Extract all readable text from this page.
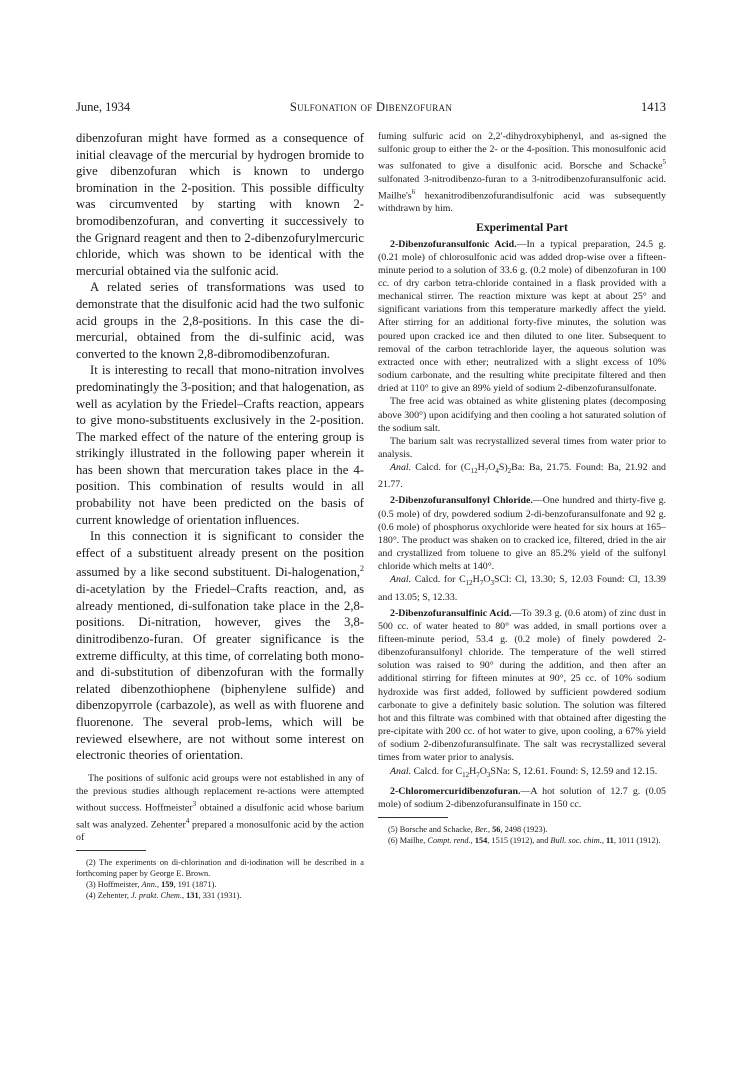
June, 1934	Sulfonation of Dibenzofuran	1413

dibenzofuran might have formed as a consequence of initial cleavage of the mercurial by hydrogen bromide to give dibenzofuran which is known to undergo bromination in the 2-position. This possible difficulty was circumvented by starting with known 2-bromodibenzofuran, and converting it successively to the Grignard reagent and then to 2-dibenzofurylmercuric chloride, which was shown to be identical with the mercurial obtained via the sulfonic acid.

A related series of transformations was used to demonstrate that the disulfonic acid had the two sulfonic acid groups in the 2,8-positions. In this case the di-mercurial, obtained from the di-sulfinic acid, was converted to the known 2,8-dibromodibenzofuran.

It is interesting to recall that mono-nitration involves predominatingly the 3-position; and that halogenation, as well as acylation by the Friedel–Crafts reaction, appears to give mono-substituents exclusively in the 2-position. The marked effect of the nature of the entering group is strikingly illustrated in the following paper wherein it has been shown that mercuration takes place in the 4-position. This combination of results would in all probability not have been predicted on the basis of current knowledge of orientation influences.

In this connection it is significant to consider the effect of a substituent already present on the position assumed by a like second substituent. Di-halogenation,$^2$ di-acetylation by the Friedel–Crafts reaction, and, as already mentioned, di-sulfonation take place in the 2,8-positions. Di-nitration, however, gives the 3,8-dinitrodibenzo-furan. Of greater significance is the extreme difficulty, at this time, of correlating both mono- and di-substitution of dibenzofuran with the formally related dibenzothiophene (biphenylene sulfide) and dibenzopyrrole (carbazole), as well as with fluorene and fluorenone. The several prob-lems, which will be reviewed elsewhere, are not without some interest on electronic theories of orientation.

The positions of sulfonic acid groups were not established in any of the previous studies although replacement re-actions were attempted without success. Hoffmeister$^3$ obtained a disulfonic acid whose barium salt was analyzed. Zehenter$^4$ prepared a monosulfonic acid by the action of

(2) The experiments on di-chlorination and di-iodination will be described in a forthcoming paper by George E. Brown.

(3) Hoffmeister, Ann., 159, 191 (1871).

(4) Zehenter, J. prakt. Chem., 131, 331 (1931).

fuming sulfuric acid on 2,2′-dihydroxybiphenyl, and as-signed the sulfonic group to either the 2- or the 4-position. This monosulfonic acid was sulfonated to give a disulfonic acid. Borsche and Schacke$^5$ sulfonated 3-nitrodibenzo-furan to a 3-nitrodibenzofuransulfonic acid. $Mailhe's^6$ hexanitrodibenzofurandisulfonic acid was subsequently withdrawn by him.

Experimental Part

2-Dibenzofuransulfonic Acid.—In a typical preparation, 24.5 g. (0.21 mole) of chlorosulfonic acid was added drop-wise over a fifteen-minute period to a solution of 33.6 g. (0.2 mole) of dibenzofuran in 100 cc. of dry carbon tetra-chloride contained in a flask provided with a mechanical stirrer. The reaction mixture was kept at about 25° and significant variations from this temperature markedly affect the yield. After stirring for an additional forty-five minutes, the solution was poured upon cracked ice and then diluted to one liter. Subsequent to removal of the carbon tetrachloride layer, the aqueous solution was extracted once with ether; neutralized with a slight excess of 10% sodium carbonate, and the resulting white precipitate filtered and then dried at 110° to give an 89% yield of sodium 2-dibenzofuransulfonate.

The free acid was obtained as white glistening plates (decomposing above 300°) upon acidifying and then cooling a hot saturated solution of the sodium salt.

The barium salt was recrystallized several times from water prior to analysis.

Anal. Calcd. for $(C_{12}H_7O_4S)_2Ba$: Ba, 21.75. Found: Ba, 21.92 and 21.77.

2-Dibenzofuransulfonyl Chloride.—One hundred and thirty-five g. (0.5 mole) of dry, powdered sodium 2-di-benzofuransulfonate and 92 g. (0.6 mole) of phosphorus oxychloride were heated for six hours at 165–180°. The product was shaken on to cracked ice, filtered, dried in the air and crystallized from toluene to give an 85.2% yield of the sulfonyl chloride which melts at 140°.

Anal. Calcd. for $C_{12}H_7O_3SCl$: Cl, 13.30; S, 12.03 Found: Cl, 13.39 and 13.05; S, 12.33.

2-Dibenzofuransulfinic Acid.—To 39.3 g. (0.6 atom) of zinc dust in 500 cc. of water heated to 80° was added, in small portions over a fifteen-minute period, 53.4 g. (0.2 mole) of finely powdered 2-dibenzofuransulfonyl chloride. The temperature of the well stirred solution was raised to 90° during the addition, and then after an additional stirring for fifteen minutes at 90°, 25 cc. of 10% sodium hydroxide was first added, followed by sufficient powdered sodium carbonate to give a definitely basic solution. The solution was filtered hot and this filtrate was combined with that obtained after digesting the pre-cipitate with 200 cc. of hot water to give, upon cooling, a 67% yield of sodium 2-dibenzofuransulfinate. The salt was recrystallized several times from water prior to analysis.

Anal. Calcd. for $C_{12}H_7O_3SNa$: S, 12.61. Found: S, 12.59 and 12.15.

2-Chloromercuridibenzofuran.—A hot solution of 12.7 g. (0.05 mole) of sodium 2-dibenzofuransulfinate in 150 cc.

(5) Borsche and Schacke, Ber., 56, 2498 (1923).

(6) Mailhe, Compt. rend., 154, 1515 (1912), and Bull. soc. chim., 11, 1011 (1912).
